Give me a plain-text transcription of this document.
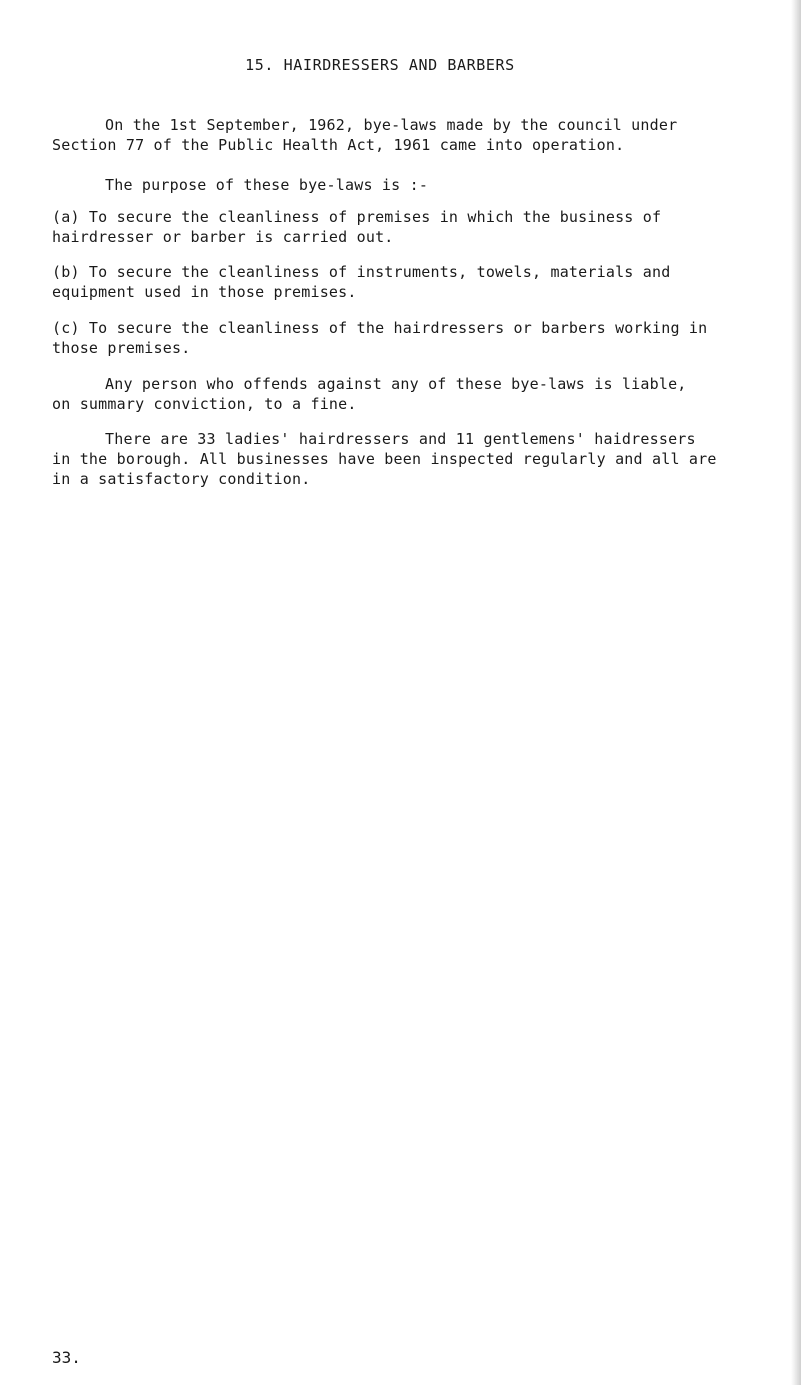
15. HAIRDRESSERS AND BARBERS
On the 1st September, 1962, bye-laws made by the council under
Section 77 of the Public Health Act, 1961 came into operation.
The purpose of these bye-laws is :-
(a) To secure the cleanliness of premises in which the business of
hairdresser or barber is carried out.
(b) To secure the cleanliness of instruments, towels, materials and
equipment used in those premises.
(c) To secure the cleanliness of the hairdressers or barbers working in
those premises.
Any person who offends against any of these bye-laws is liable,
on summary conviction, to a fine.
There are 33 ladies' hairdressers and 11 gentlemens' haidressers
in the borough. All businesses have been inspected regularly and all are
in a satisfactory condition.
33.
